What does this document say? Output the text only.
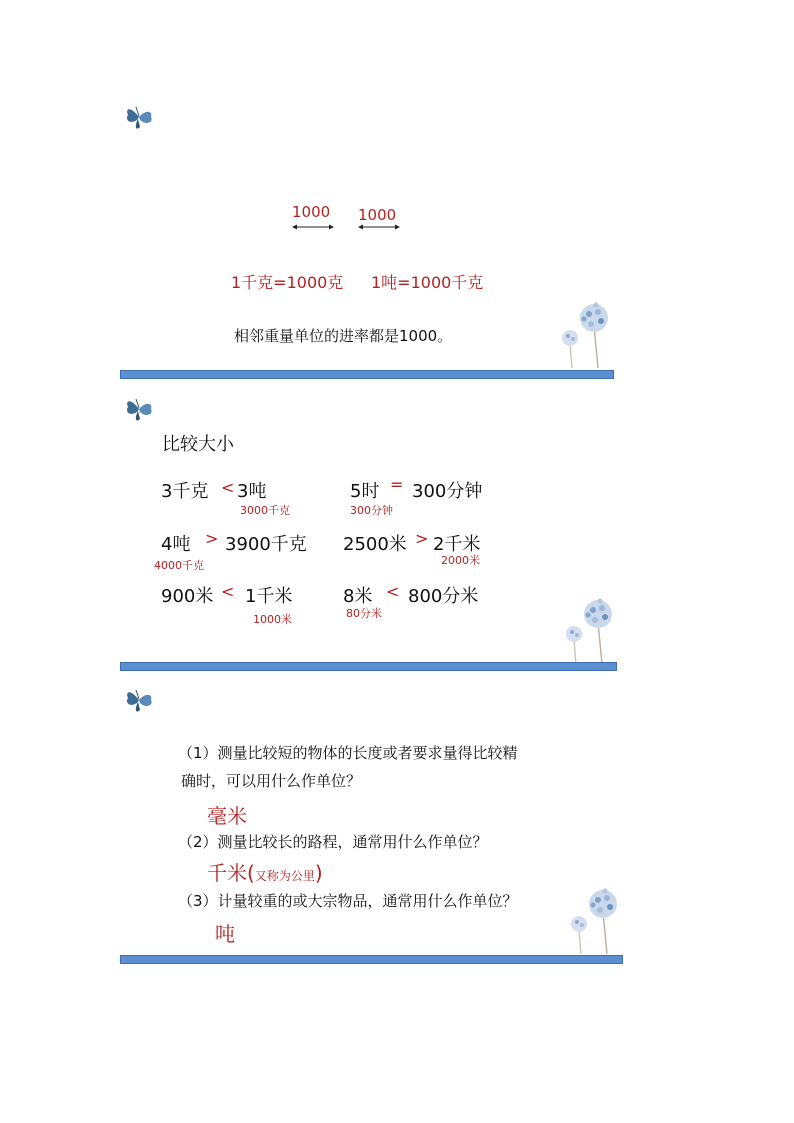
1000 1000
1千克=1000克 1吨=1000千克
相邻重量单位的进率都是1000。
比较大小
3千克 < 3吨
3000千克
5时 = 300分钟
300分钟
4吨 > 3900千克
4000千克
2500米 > 2千米
2000米
900米 < 1千米
1000米
8米 < 800分米
80分米
（1）测量比较短的物体的长度或者要求量得比较精
确时，可以用什么作单位？
毫米
（2）测量比较长的路程，通常用什么作单位？
千米(又称为公里)
（3）计量较重的或大宗物品，通常用什么作单位？
吨
